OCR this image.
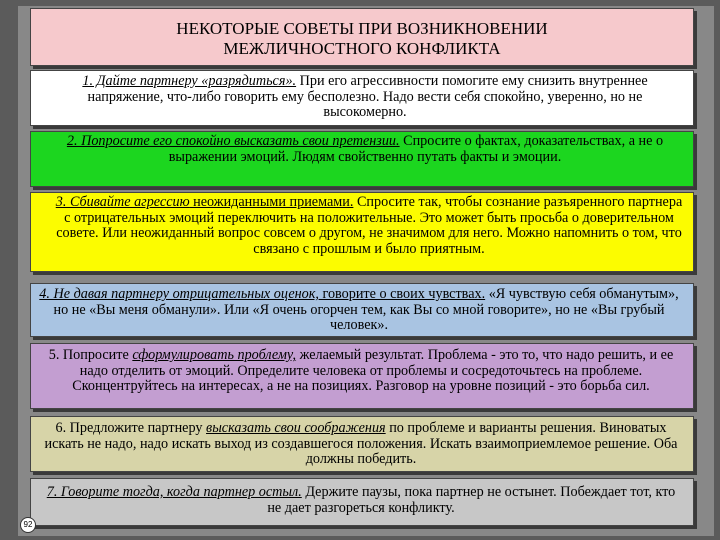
НЕКОТОРЫЕ СОВЕТЫ ПРИ ВОЗНИКНОВЕНИИ
МЕЖЛИЧНОСТНОГО КОНФЛИКТА
1. Дайте партнеру «разрядиться». При его агрессивности помогите ему снизить внутреннее напряжение, что-либо говорить ему бесполезно. Надо вести себя спокойно, уверенно, но не высокомерно.
2. Попросите его спокойно высказать свои претензии. Спросите о фактах, доказательствах, а не о выражении эмоций. Людям свойственно путать факты и эмоции.
3. Сбивайте агрессию неожиданными приемами. Спросите так, чтобы сознание разъяренного партнера с отрицательных эмоций переключить на положительные. Это может быть просьба о доверительном совете. Или неожиданный вопрос совсем о другом, не значимом для него. Можно напомнить о том, что связано с прошлым и было приятным.
4. Не давая партнеру отрицательных оценок, говорите о своих чувствах. «Я чувствую себя обманутым», но не «Вы меня обманули». Или «Я очень огорчен тем, как Вы со мной говорите», но не «Вы грубый человек».
5. Попросите сформулировать проблему, желаемый результат. Проблема - это то, что надо решить, и ее надо отделить от эмоций. Определите человека от проблемы и сосредоточьтесь на проблеме. Сконцентруйтесь на интересах, а не на позициях. Разговор на уровне позиций - это борьба сил.
6. Предложите партнеру высказать свои соображения по проблеме и варианты решения. Виноватых искать не надо, надо искать выход из создавшегося положения. Искать взаимоприемлемое решение. Оба должны победить.
7. Говорите тогда, когда партнер остыл. Держите паузы, пока партнер не остынет. Побеждает тот, кто не дает разгореться конфликту.
92
